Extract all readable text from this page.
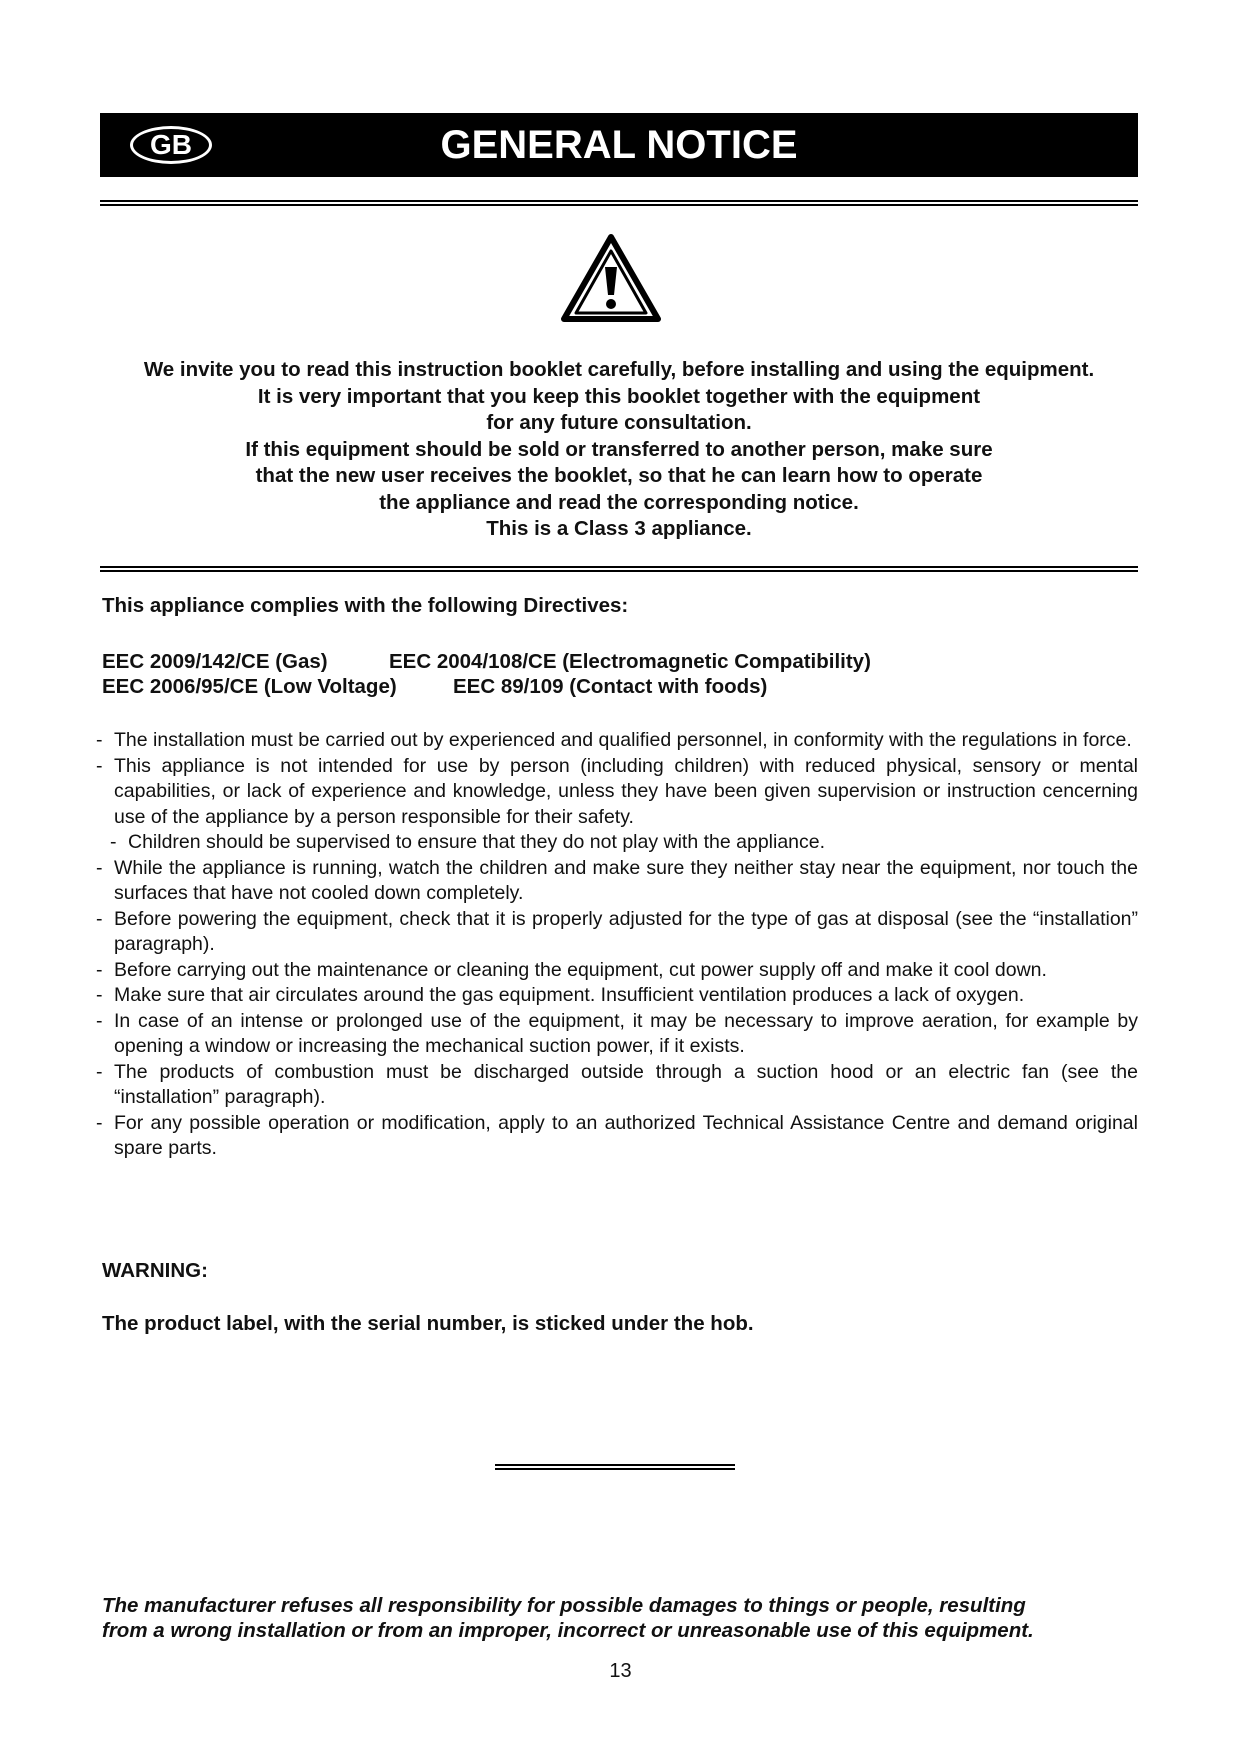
GB	GENERAL NOTICE

We invite you to read this instruction booklet carefully, before installing and using the equipment.

It is very important that you keep this booklet together with the equipment for any future consultation.

If this equipment should be sold or transferred to another person, make sure that the new user receives the booklet, so that he can learn how to operate the appliance and read the corresponding notice.

This is a Class 3 appliance.

This appliance complies with the following Directives:
EEC 2009/142/CE (Gas)	EEC 2004/108/CE (Electromagnetic Compatibility)
EEC 2006/95/CE (Low Voltage)	EEC 89/109 (Contact with foods)
- The installation must be carried out by experienced and qualified personnel, in conformity with the regulations in force.
- This appliance is not intended for use by person (including children) with reduced physical, sensory or mental capabilities, or lack of experience and knowledge, unless they have been given supervision or instruction cencerning use of the appliance by a person responsible for their safety.
- Children should be supervised to ensure that they do not play with the appliance.
- While the appliance is running, watch the children and make sure they neither stay near the equipment, nor touch the surfaces that have not cooled down completely.
- Before powering the equipment, check that it is properly adjusted for the type of gas at disposal (see the “installation” paragraph).
- Before carrying out the maintenance or cleaning the equipment, cut power supply off and make it cool down.
- Make sure that air circulates around the gas equipment. Insufficient ventilation produces a lack of oxygen.
- In case of an intense or prolonged use of the equipment, it may be necessary to improve aeration, for example by opening a window or increasing the mechanical suction power, if it exists.
- The products of combustion must be discharged outside through a suction hood or an electric fan (see the “installation” paragraph).
- For any possible operation or modification, apply to an authorized Technical Assistance Centre and demand original spare parts.
WARNING:
The product label, with the serial number, is sticked under the hob.
The manufacturer refuses all responsibility for possible damages to things or people, resulting
from a wrong installation or from an improper, incorrect or unreasonable use of this equipment.
13
